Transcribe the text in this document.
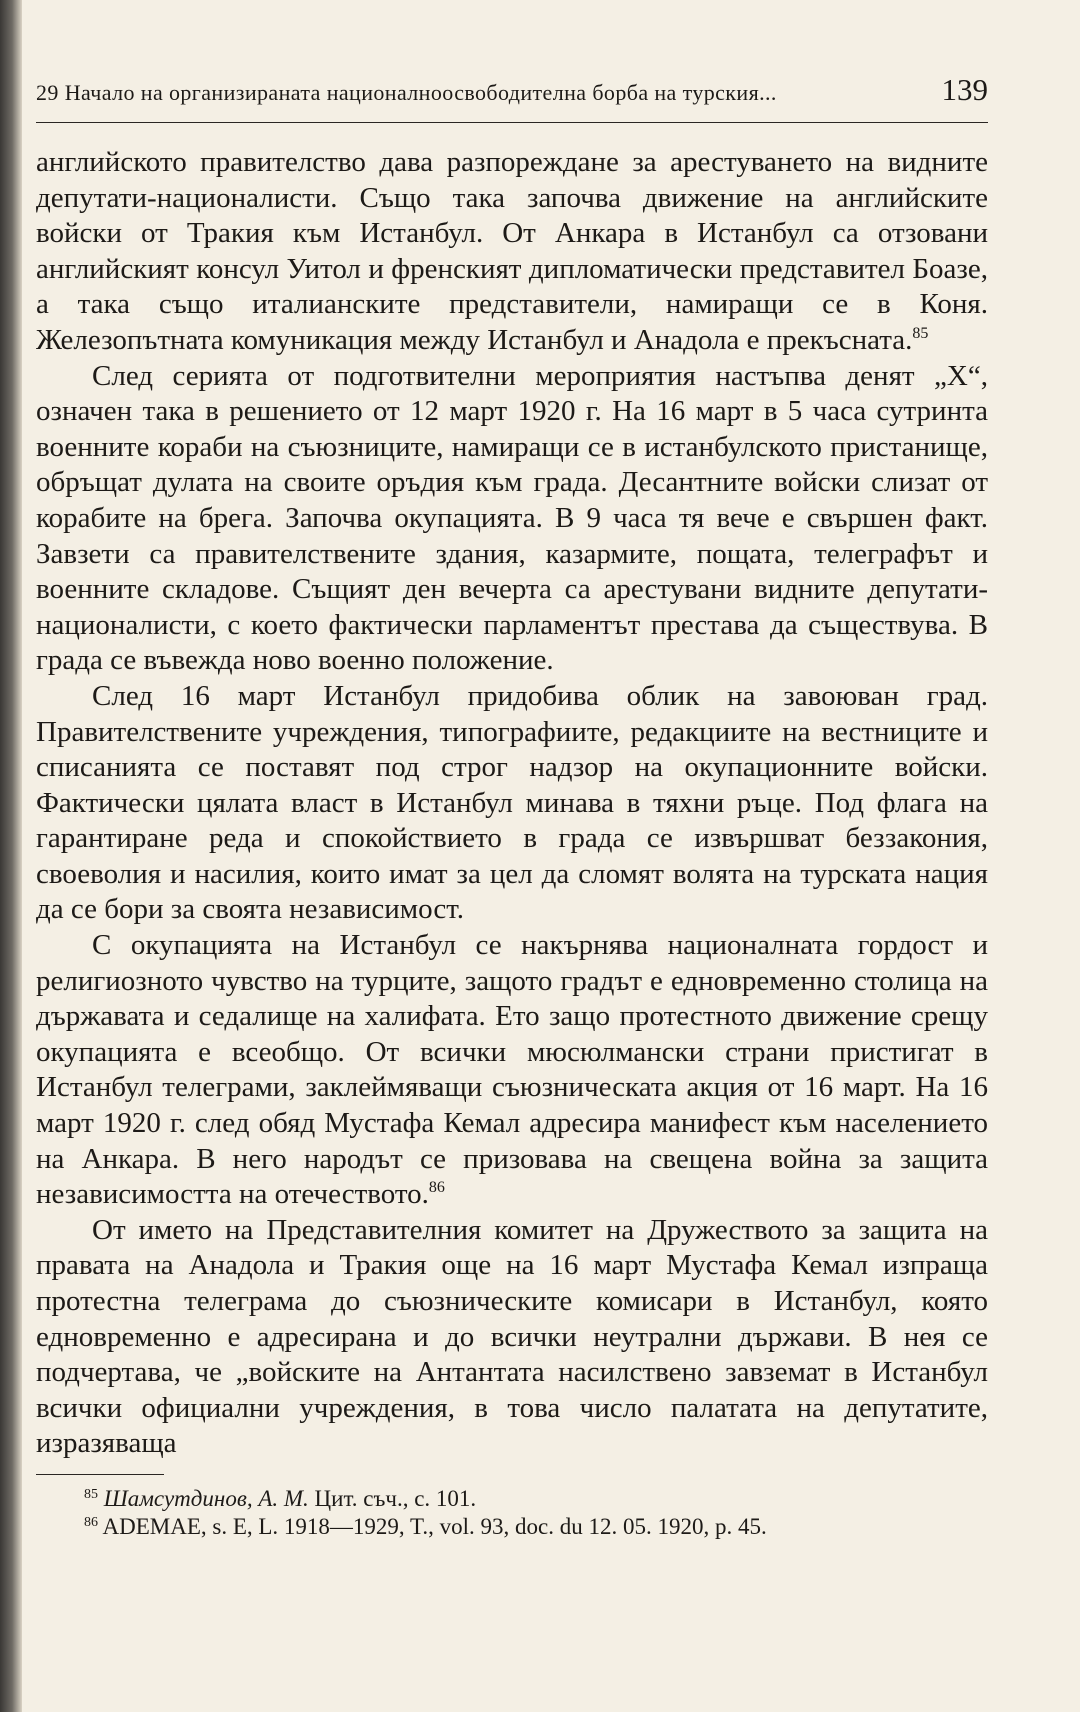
29 Начало на организираната националноосвободителна борба на турския...	139

английското правителство дава разпореждане за арестуването на видните депутати-националисти. Също така започва движение на английските войски от Тракия към Истанбул. От Анкара в Истанбул са отзовани английският консул Уитол и френският дипломатически представител Боазе, а така също италианските представители, намиращи се в Коня. Железопътната комуникация между Истанбул и Анадола е прекъсната.$^{85}$

След серията от подготвителни мероприятия настъпва денят „Х“, означен така в решението от 12 март 1920 г. На 16 март в 5 часа сутринта военните кораби на съюзниците, намиращи се в истанбулското пристанище, обръщат дулата на своите оръдия към града. Десантните войски слизат от корабите на брега. Започва окупацията. В 9 часа тя вече е свършен факт. Завзети са правителствените здания, казармите, пощата, телеграфът и военните складове. Същият ден вечерта са арестувани видните депутати-националисти, с което фактически парламентът престава да съществува. В града се въвежда ново военно положение.

След 16 март Истанбул придобива облик на завоюван град. Правителствените учреждения, типографиите, редакциите на вестниците и списанията се поставят под строг надзор на окупационните войски. Фактически цялата власт в Истанбул минава в тяхни ръце. Под флага на гарантиране реда и спокойствието в града се извършват беззакония, своеволия и насилия, които имат за цел да сломят волята на турската нация да се бори за своята независимост.

С окупацията на Истанбул се накърнява националната гордост и религиозното чувство на турците, защото градът е едновременно столица на държавата и седалище на халифата. Ето защо протестното движение срещу окупацията е всеобщо. От всички мюсюлмански страни пристигат в Истанбул телеграми, заклеймяващи съюзническата акция от 16 март. На 16 март 1920 г. след обяд Мустафа Кемал адресира манифест към населението на Анкара. В него народът се призовава на свещена война за защита независимостта на отечеството.$^{86}$

От името на Представителния комитет на Дружеството за защита на правата на Анадола и Тракия още на 16 март Мустафа Кемал изпраща протестна телеграма до съюзническите комисари в Истанбул, която едновременно е адресирана и до всички неутрални държави. В нея се подчертава, че „войските на Антантата насилствено завземат в Истанбул всички официални учреждения, в това число палатата на депутатите, изразяваща

$^{85}$ Шамсутдинов, А. М. Цит. съч., с. 101.

$^{86}$ ADEMAE, s. E, L. 1918—1929, T., vol. 93, doc. du 12. 05. 1920, p. 45.
